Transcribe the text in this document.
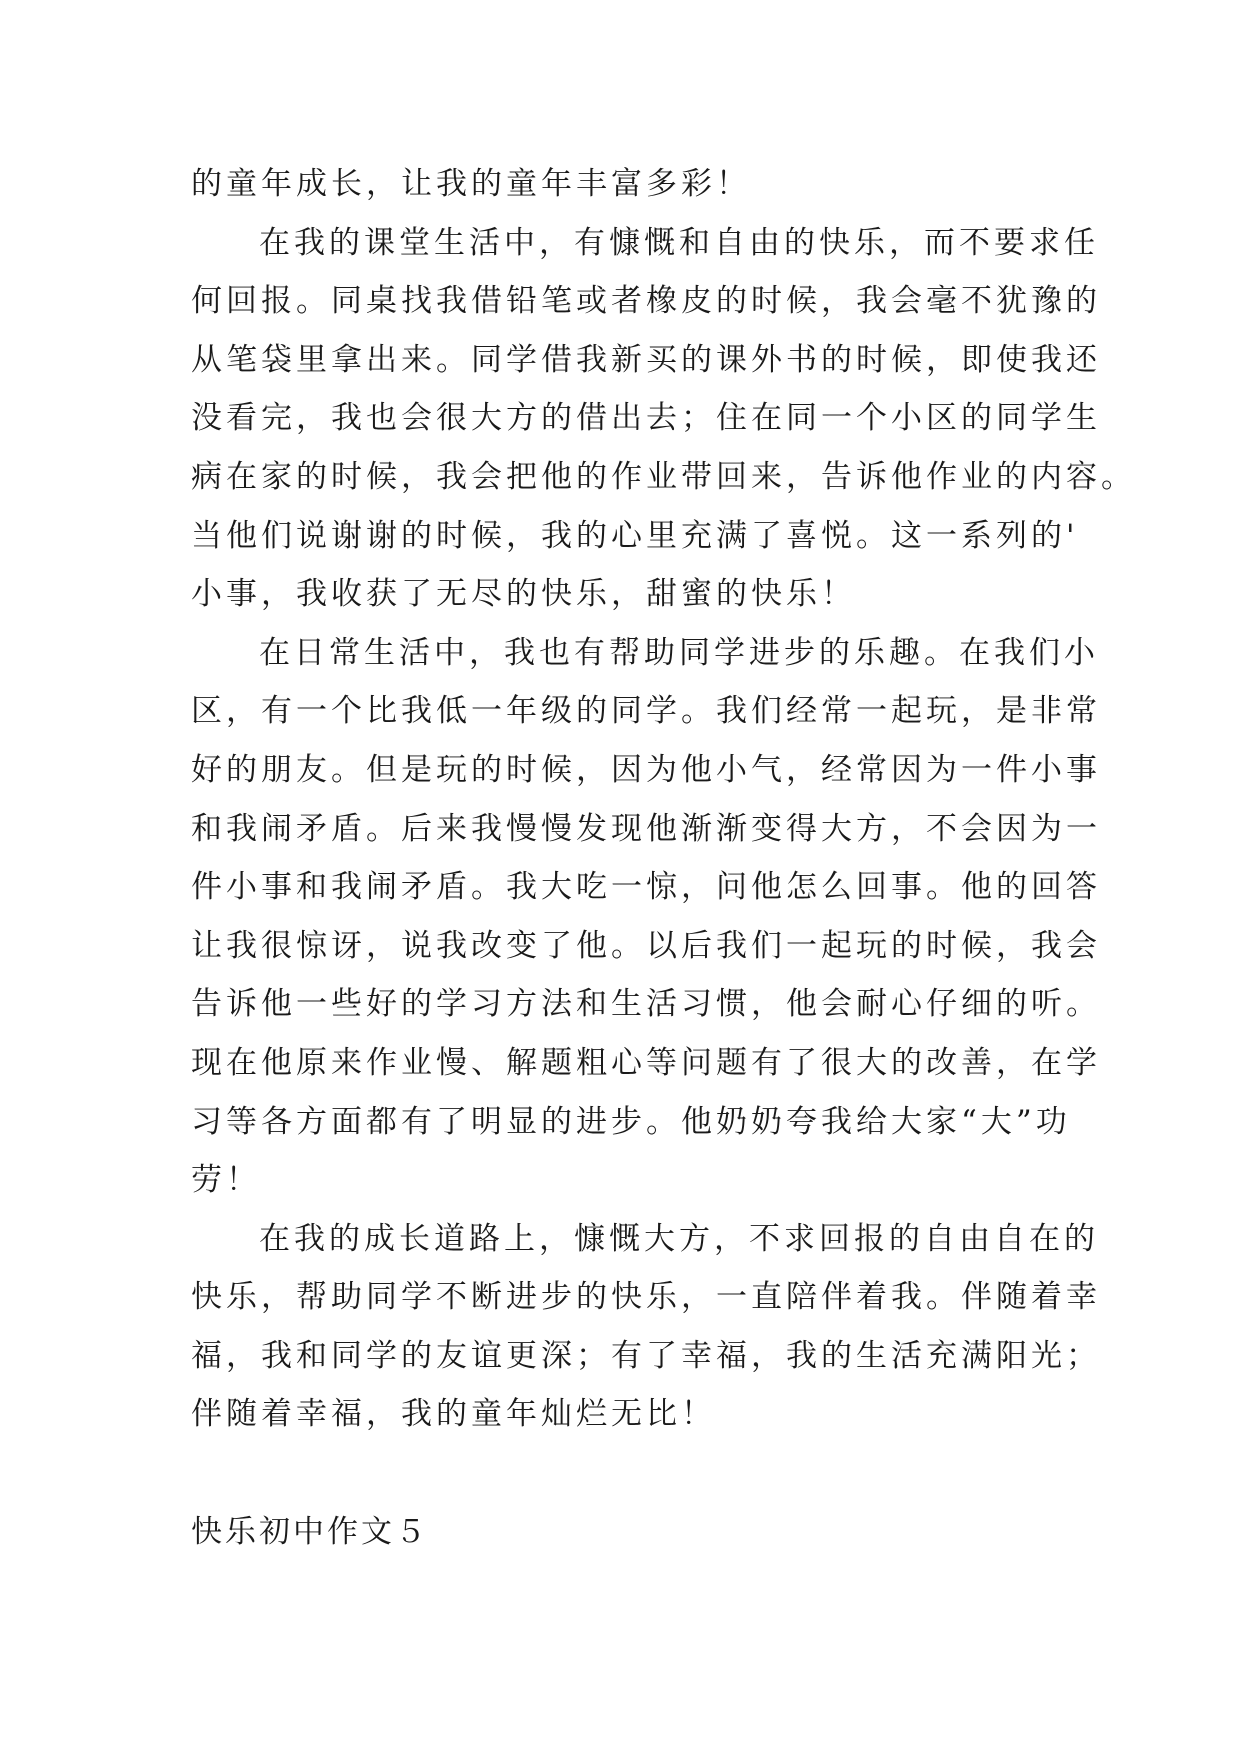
的童年成长，让我的童年丰富多彩！
在我的课堂生活中，有慷慨和自由的快乐，而不要求任
何回报。同桌找我借铅笔或者橡皮的时候，我会毫不犹豫的
从笔袋里拿出来。同学借我新买的课外书的时候，即使我还
没看完，我也会很大方的借出去；住在同一个小区的同学生
病在家的时候，我会把他的作业带回来，告诉他作业的内容。
当他们说谢谢的时候，我的心里充满了喜悦。这一系列的'
小事，我收获了无尽的快乐，甜蜜的快乐！
在日常生活中，我也有帮助同学进步的乐趣。在我们小
区，有一个比我低一年级的同学。我们经常一起玩，是非常
好的朋友。但是玩的时候，因为他小气，经常因为一件小事
和我闹矛盾。后来我慢慢发现他渐渐变得大方，不会因为一
件小事和我闹矛盾。我大吃一惊，问他怎么回事。他的回答
让我很惊讶，说我改变了他。以后我们一起玩的时候，我会
告诉他一些好的学习方法和生活习惯，他会耐心仔细的听。
现在他原来作业慢、解题粗心等问题有了很大的改善，在学
习等各方面都有了明显的进步。他奶奶夸我给大家“大”功
劳！
在我的成长道路上，慷慨大方，不求回报的自由自在的
快乐，帮助同学不断进步的快乐，一直陪伴着我。伴随着幸
福，我和同学的友谊更深；有了幸福，我的生活充满阳光；
伴随着幸福，我的童年灿烂无比！
快乐初中作文５
